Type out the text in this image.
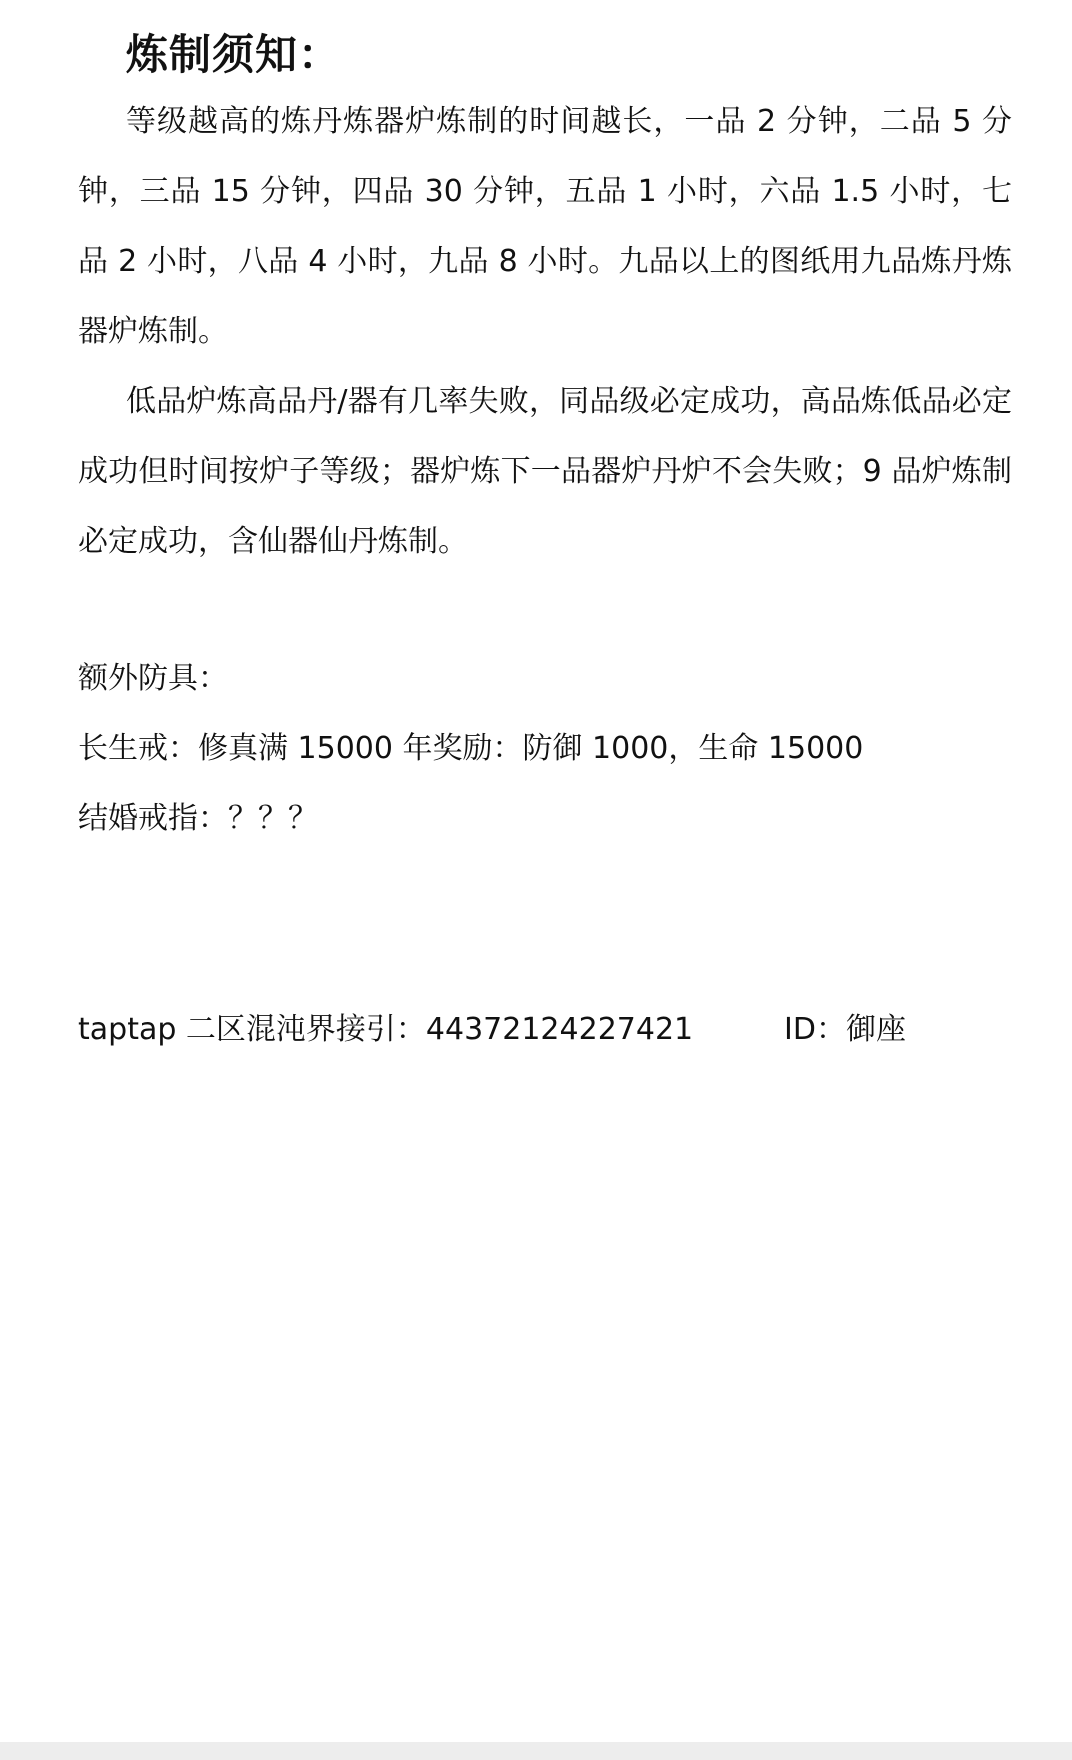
炼制须知：

等级越高的炼丹炼器炉炼制的时间越长，一品 2 分钟，二品 5 分钟，三品 15 分钟，四品 30 分钟，五品 1 小时，六品 1.5 小时，七品 2 小时，八品 4 小时，九品 8 小时。九品以上的图纸用九品炼丹炼器炉炼制。

低品炉炼高品丹/器有几率失败，同品级必定成功，高品炼低品必定成功但时间按炉子等级；器炉炼下一品器炉丹炉不会失败；9 品炉炼制必定成功，含仙器仙丹炼制。

额外防具：

长生戒：修真满 15000 年奖励：防御 1000，生命 15000

结婚戒指：？？？

taptap 二区混沌界接引：44372124227421	ID：御座
